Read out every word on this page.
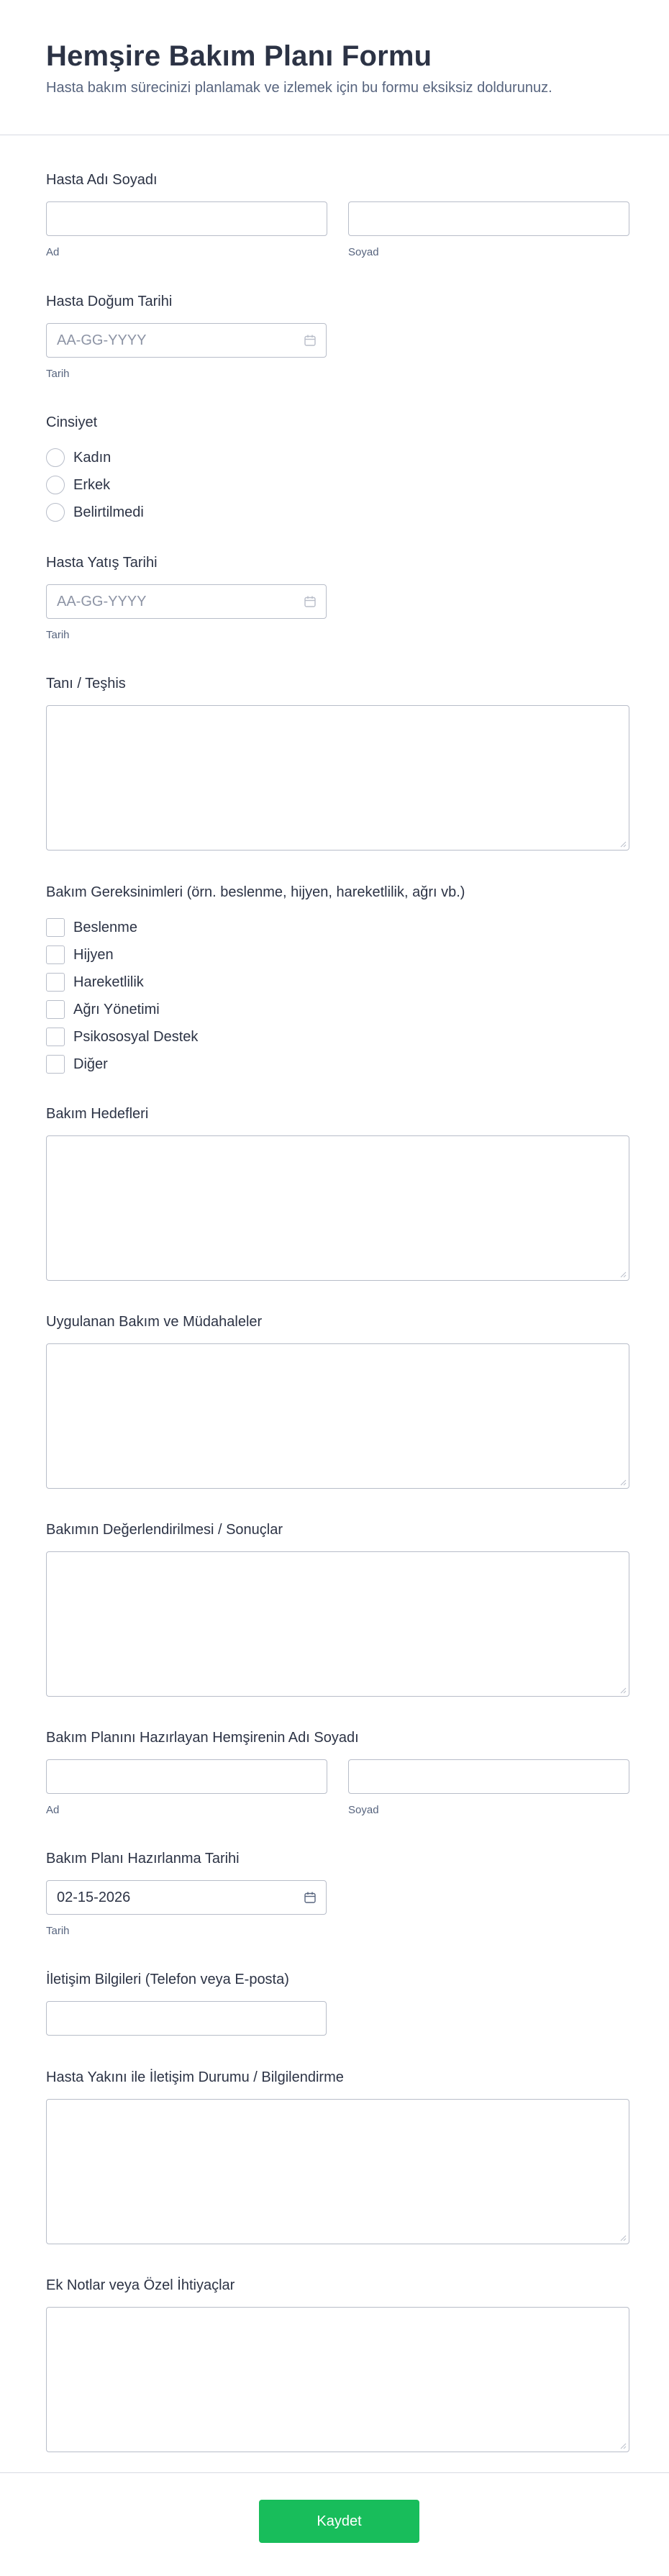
Hemşire Bakım Planı Formu
Hasta bakım sürecinizi planlamak ve izlemek için bu formu eksiksiz doldurunuz.
Hasta Adı Soyadı
Ad	Soyad
Hasta Doğum Tarihi
AA-GG-YYYY
Tarih
Cinsiyet
Kadın
Erkek
Belirtilmedi
Hasta Yatış Tarihi
AA-GG-YYYY
Tarih
Tanı / Teşhis
Bakım Gereksinimleri (örn. beslenme, hijyen, hareketlilik, ağrı vb.)
Beslenme
Hijyen
Hareketlilik
Ağrı Yönetimi
Psikososyal Destek
Diğer
Bakım Hedefleri
Uygulanan Bakım ve Müdahaleler
Bakımın Değerlendirilmesi / Sonuçlar
Bakım Planını Hazırlayan Hemşirenin Adı Soyadı
Ad	Soyad
Bakım Planı Hazırlanma Tarihi
02-15-2026
Tarih
İletişim Bilgileri (Telefon veya E-posta)
Hasta Yakını ile İletişim Durumu / Bilgilendirme
Ek Notlar veya Özel İhtiyaçlar
Kaydet
